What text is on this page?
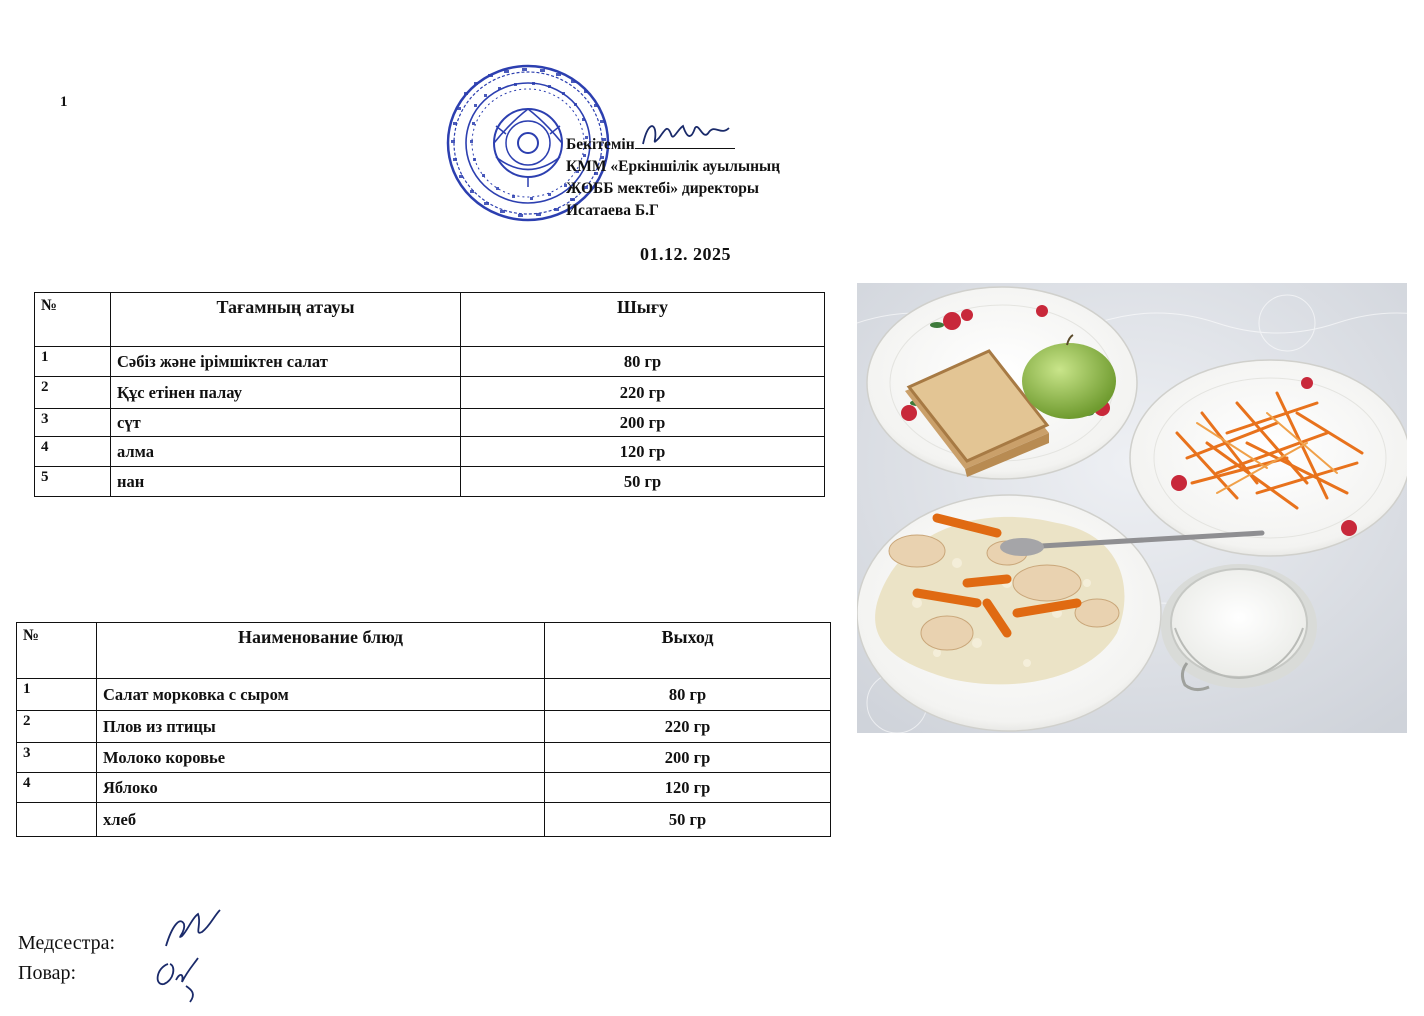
1
Бекітемін
КММ «Еркіншілік ауылының
ЖОББ мектебі» директоры
Исатаева Б.Г
01.12. 2025
№	Тағамның атауы	Шығу
1	Сәбіз және ірімшіктен салат	80 гр
2	Құс етінен палау	220 гр
3	сүт	200 гр
4	алма	120 гр
5	нан	50 гр
№	Наименование блюд	Выход
1	Салат морковка с сыром	80 гр
2	Плов из птицы	220 гр
3	Молоко коровье	200 гр
4	Яблоко	120 гр
	хлеб	50 гр
Медсестра:
Повар:
